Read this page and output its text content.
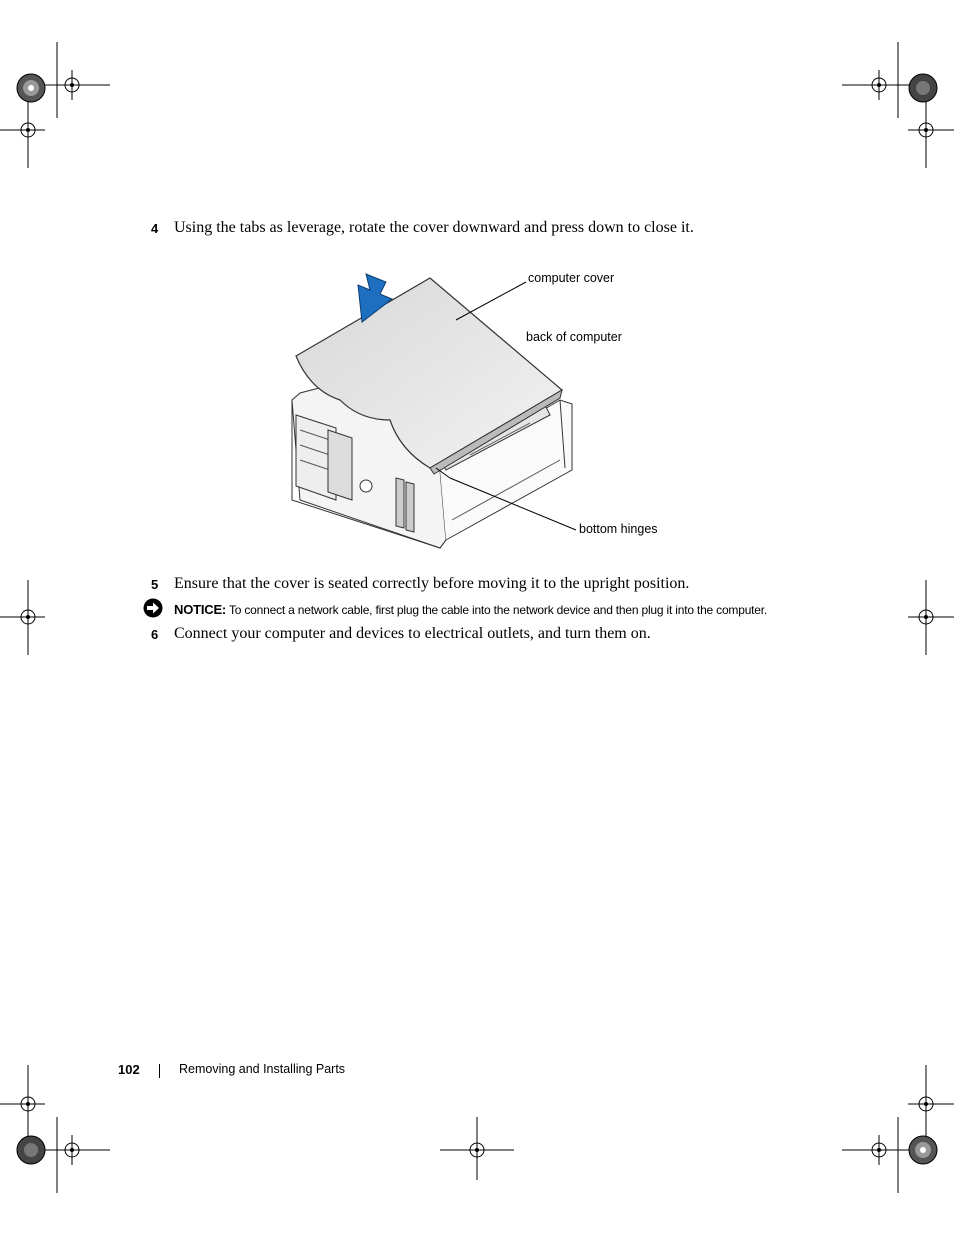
4 Using the tabs as leverage, rotate the cover downward and press down to close it.
computer cover
back of computer
bottom hinges
5 Ensure that the cover is seated correctly before moving it to the upright position.
NOTICE: To connect a network cable, first plug the cable into the network device and then plug it into the computer.
6 Connect your computer and devices to electrical outlets, and turn them on.
102	Removing and Installing Parts
